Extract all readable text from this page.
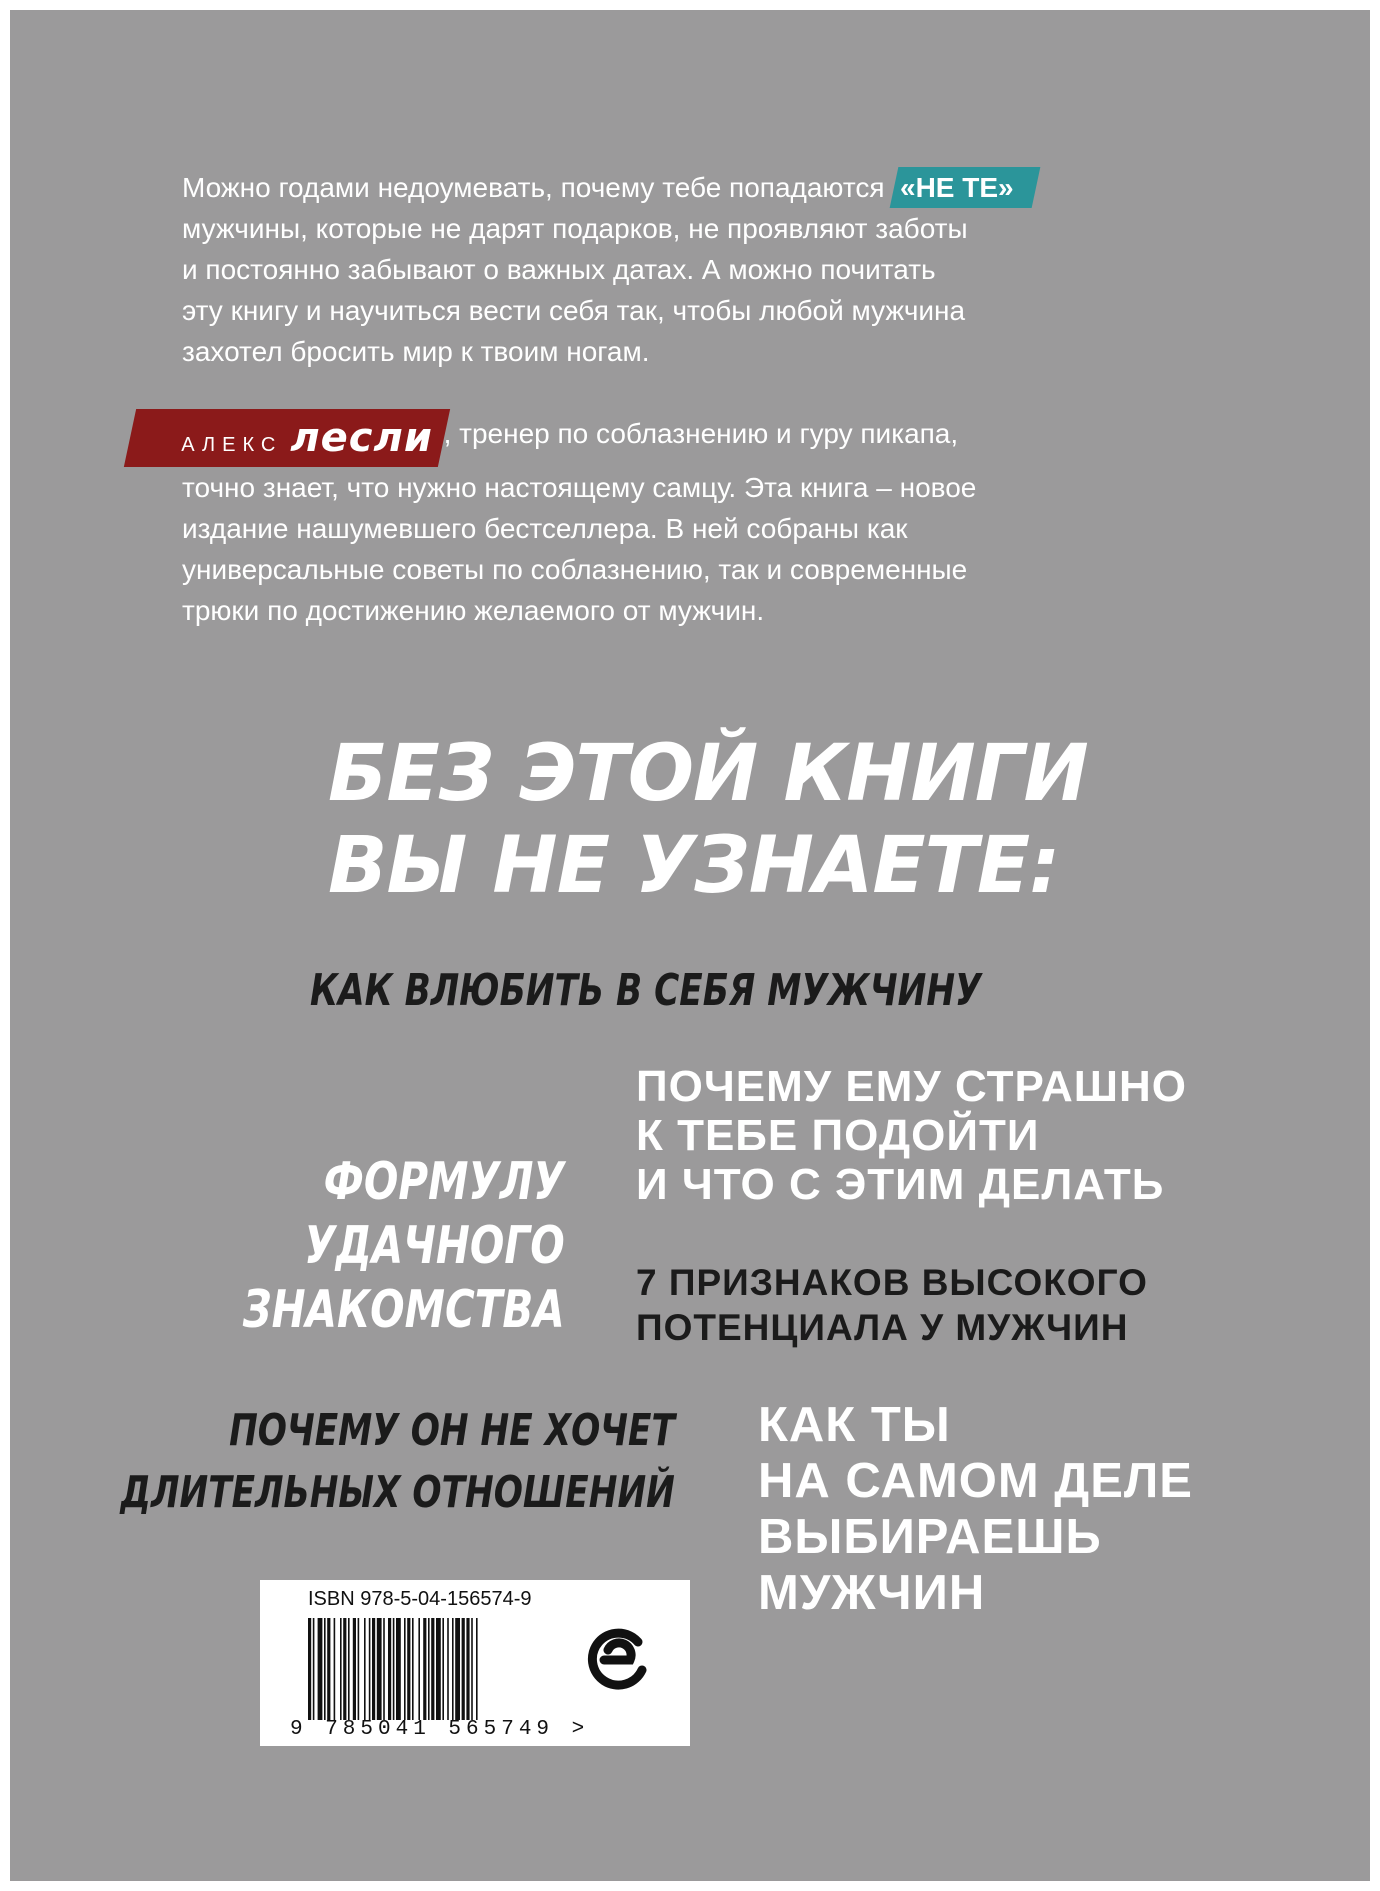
Можно годами недоумевать, почему тебе попадаются «НЕ ТЕ»
мужчины, которые не дарят подарков, не проявляют заботы
и постоянно забывают о важных датах. А можно почитать
эту книгу и научиться вести себя так, чтобы любой мужчина
захотел бросить мир к твоим ногам.

АЛЕКС лесли , тренер по соблазнению и гуру пикапа,
точно знает, что нужно настоящему самцу. Эта книга – новое
издание нашумевшего бестселлера. В ней собраны как
универсальные советы по соблазнению, так и современные
трюки по достижению желаемого от мужчин.

БЕЗ ЭТОЙ КНИГИ
ВЫ НЕ УЗНАЕТЕ:
КАК ВЛЮБИТЬ В СЕБЯ МУЖЧИНУ
ПОЧЕМУ ЕМУ СТРАШНО
К ТЕБЕ ПОДОЙТИ
И ЧТО С ЭТИМ ДЕЛАТЬ
ФОРМУЛУ
УДАЧНОГО
ЗНАКОМСТВА 7 ПРИЗНАКОВ ВЫСОКОГО
ПОТЕНЦИАЛА У МУЖЧИН
ПОЧЕМУ ОН НЕ ХОЧЕТ
ДЛИТЕЛЬНЫХ ОТНОШЕНИЙ
КАК ТЫ
НА САМОМ ДЕЛЕ
ВЫБИРАЕШЬ
МУЖЧИН
ISBN 978-5-04-156574-9
9 785041 565749 >
